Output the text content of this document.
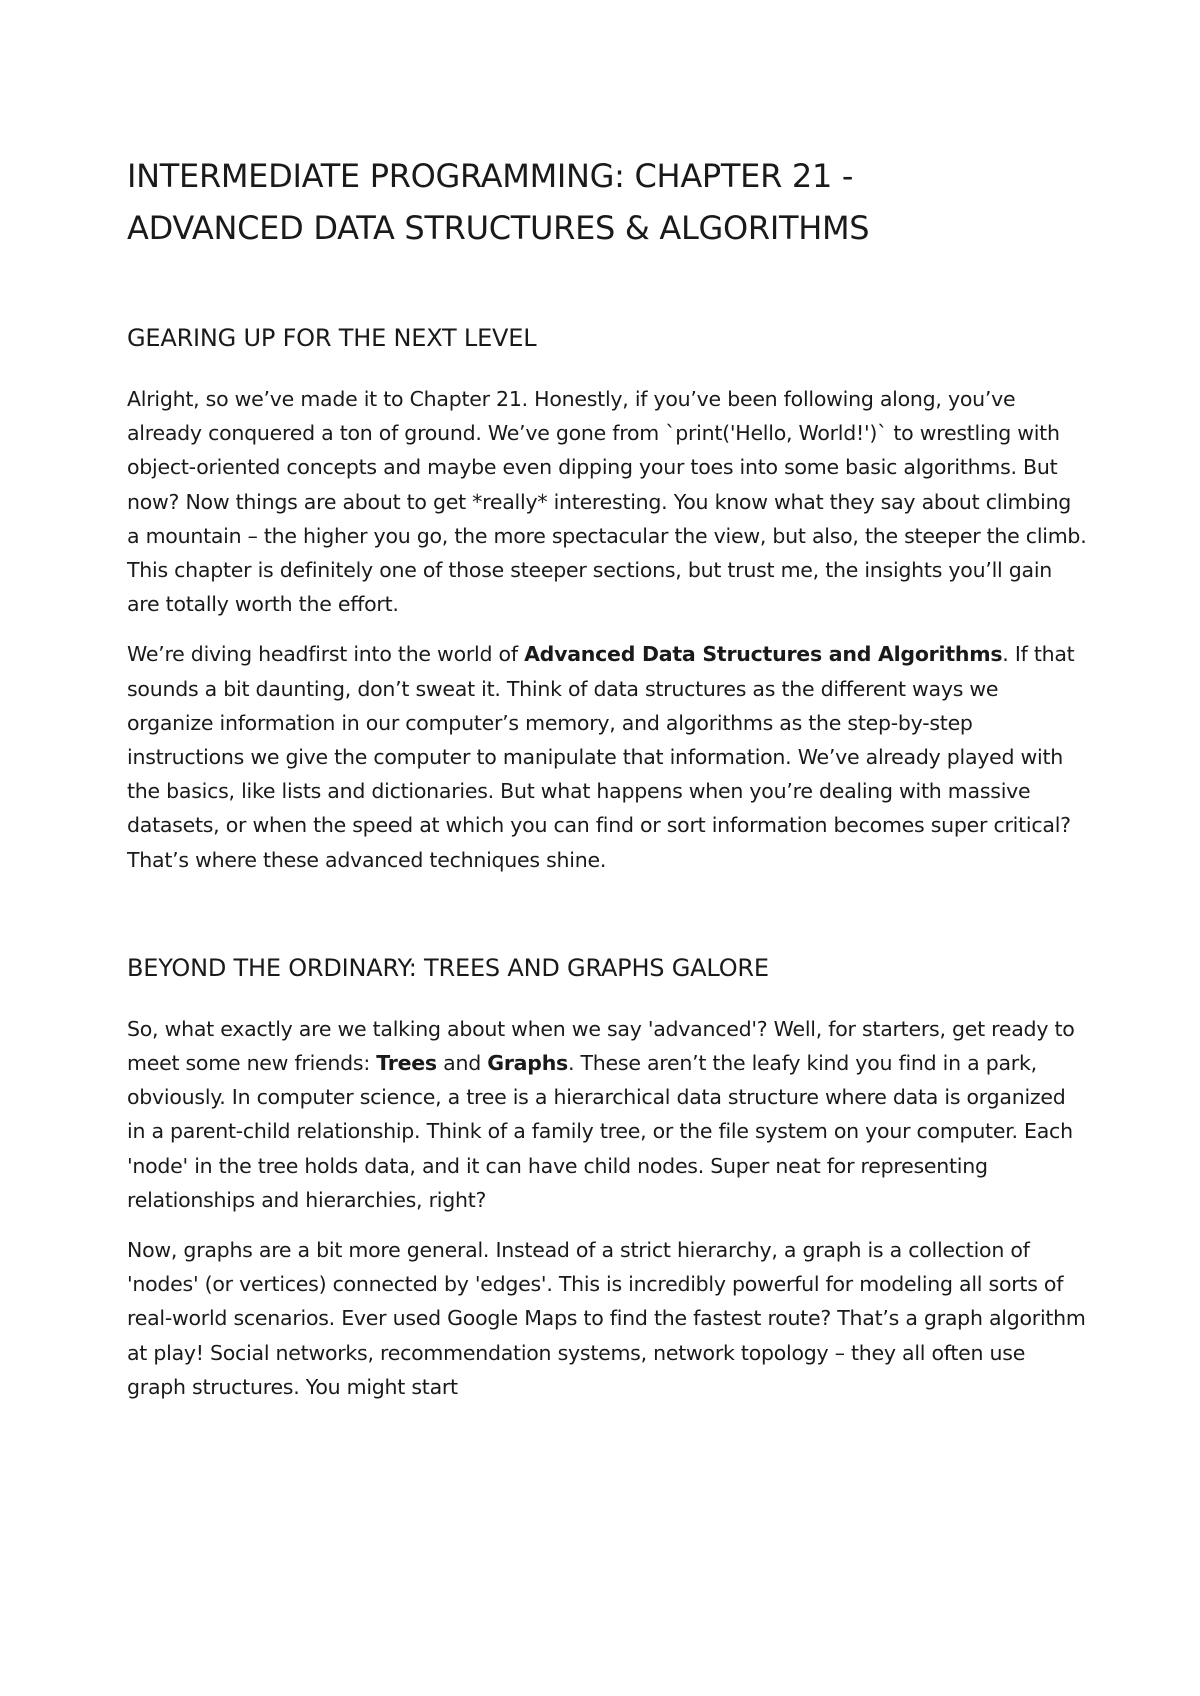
INTERMEDIATE PROGRAMMING: CHAPTER 21 -
ADVANCED DATA STRUCTURES & ALGORITHMS
GEARING UP FOR THE NEXT LEVEL

Alright, so we’ve made it to Chapter 21. Honestly, if you’ve been following along, you’ve already conquered a ton of ground. We’ve gone from `print('Hello, World!')` to wrestling with object-oriented concepts and maybe even dipping your toes into some basic algorithms. But now? Now things are about to get *really* interesting. You know what they say about climbing a mountain – the higher you go, the more spectacular the view, but also, the steeper the climb. This chapter is definitely one of those steeper sections, but trust me, the insights you’ll gain are totally worth the effort.

We’re diving headfirst into the world of Advanced Data Structures and Algorithms. If that sounds a bit daunting, don’t sweat it. Think of data structures as the different ways we organize information in our computer’s memory, and algorithms as the step-by-step instructions we give the computer to manipulate that information. We’ve already played with the basics, like lists and dictionaries. But what happens when you’re dealing with massive datasets, or when the speed at which you can find or sort information becomes super critical? That’s where these advanced techniques shine.

BEYOND THE ORDINARY: TREES AND GRAPHS GALORE

So, what exactly are we talking about when we say 'advanced'? Well, for starters, get ready to meet some new friends: Trees and Graphs. These aren’t the leafy kind you find in a park, obviously. In computer science, a tree is a hierarchical data structure where data is organized in a parent-child relationship. Think of a family tree, or the file system on your computer. Each 'node' in the tree holds data, and it can have child nodes. Super neat for representing relationships and hierarchies, right?

Now, graphs are a bit more general. Instead of a strict hierarchy, a graph is a collection of 'nodes' (or vertices) connected by 'edges'. This is incredibly powerful for modeling all sorts of real-world scenarios. Ever used Google Maps to find the fastest route? That’s a graph algorithm at play! Social networks, recommendation systems, network topology – they all often use graph structures. You might start
